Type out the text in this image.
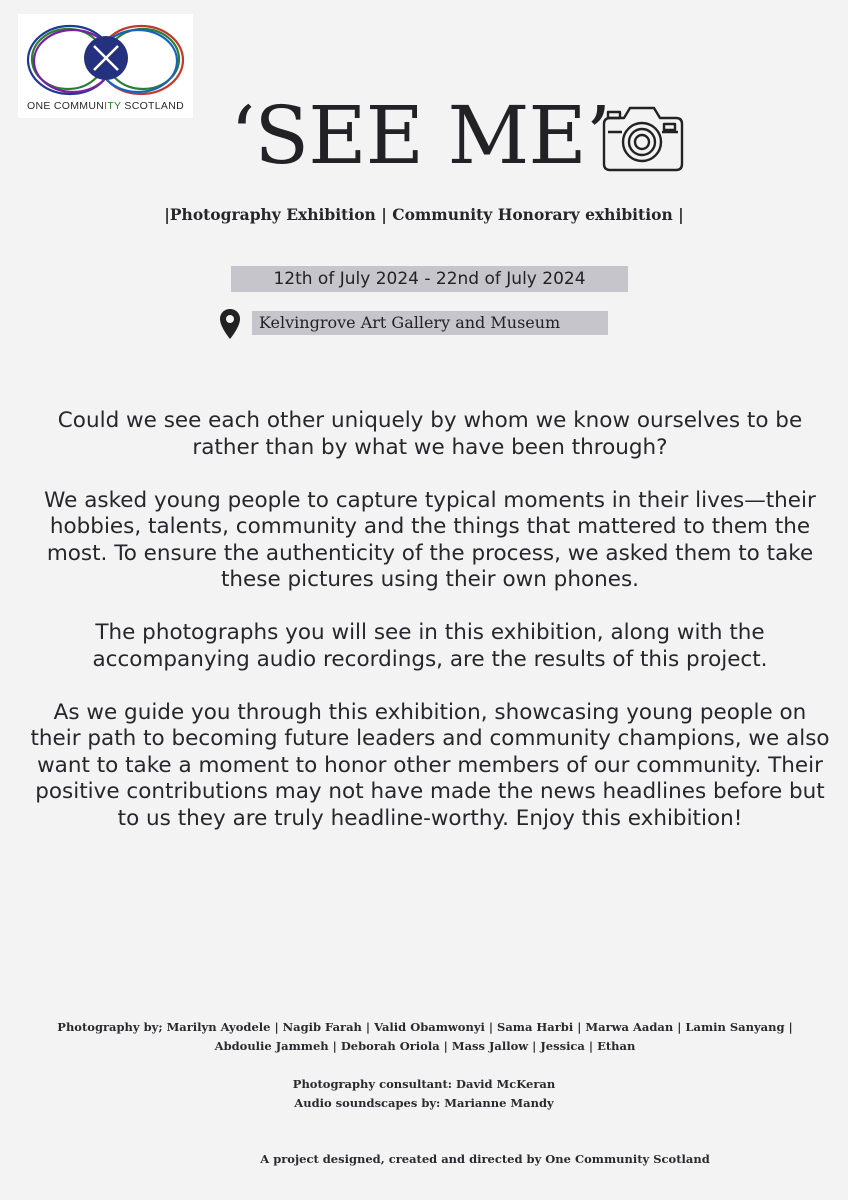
ONE COMMUNITY SCOTLAND ‘SEE ME’
|Photography Exhibition | Community Honorary exhibition |
12th of July 2024 - 22nd of July 2024
Kelvingrove Art Gallery and Museum

Could we see each other uniquely by whom we know ourselves to be rather than by what we have been through?

We asked young people to capture typical moments in their lives—their hobbies, talents, community and the things that mattered to them the most. To ensure the authenticity of the process, we asked them to take these pictures using their own phones.

The photographs you will see in this exhibition, along with the accompanying audio recordings, are the results of this project.

As we guide you through this exhibition, showcasing young people on their path to becoming future leaders and community champions, we also want to take a moment to honor other members of our community. Their positive contributions may not have made the news headlines before but to us they are truly headline-worthy. Enjoy this exhibition!

Photography by; Marilyn Ayodele | Nagib Farah | Valid Obamwonyi | Sama Harbi | Marwa Aadan | Lamin Sanyang | Abdoulie Jammeh | Deborah Oriola | Mass Jallow | Jessica | Ethan
Photography consultant: David McKeran
Audio soundscapes by: Marianne Mandy
A project designed, created and directed by One Community Scotland
